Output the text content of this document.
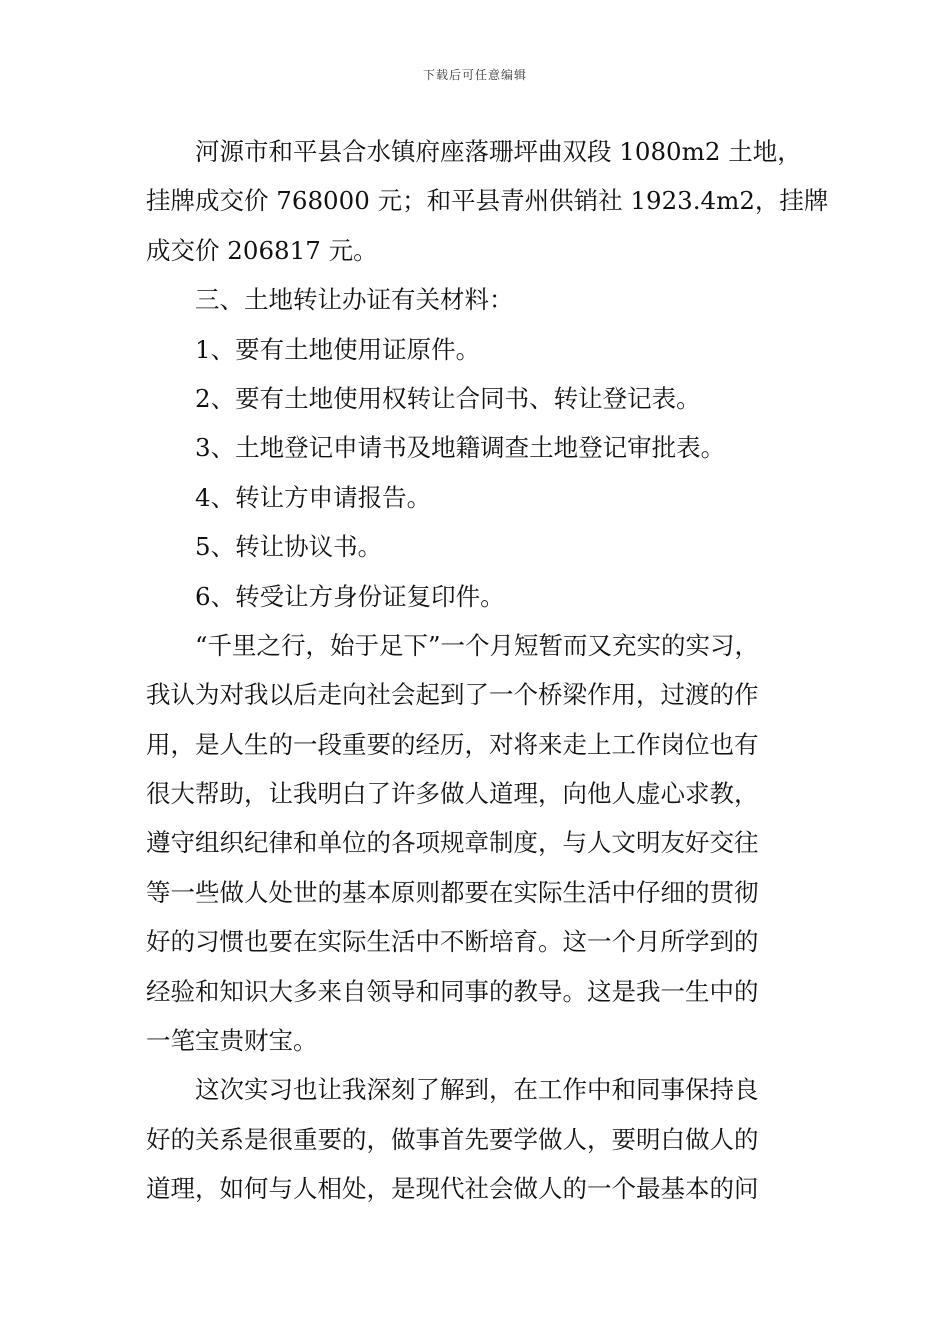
下载后可任意编辑
河源市和平县合水镇府座落珊坪曲双段 1080m2 土地，
挂牌成交价 768000 元；和平县青州供销社 1923.4m2，挂牌
成交价 206817 元。
三、土地转让办证有关材料：
1、要有土地使用证原件。
2、要有土地使用权转让合同书、转让登记表。
3、土地登记申请书及地籍调查土地登记审批表。
4、转让方申请报告。
5、转让协议书。
6、转受让方身份证复印件。
“千里之行，始于足下”一个月短暂而又充实的实习，
我认为对我以后走向社会起到了一个桥梁作用，过渡的作
用，是人生的一段重要的经历，对将来走上工作岗位也有
很大帮助，让我明白了许多做人道理，向他人虚心求教，
遵守组织纪律和单位的各项规章制度，与人文明友好交往
等一些做人处世的基本原则都要在实际生活中仔细的贯彻
好的习惯也要在实际生活中不断培育。这一个月所学到的
经验和知识大多来自领导和同事的教导。这是我一生中的
一笔宝贵财宝。
这次实习也让我深刻了解到，在工作中和同事保持良
好的关系是很重要的，做事首先要学做人，要明白做人的
道理，如何与人相处，是现代社会做人的一个最基本的问
